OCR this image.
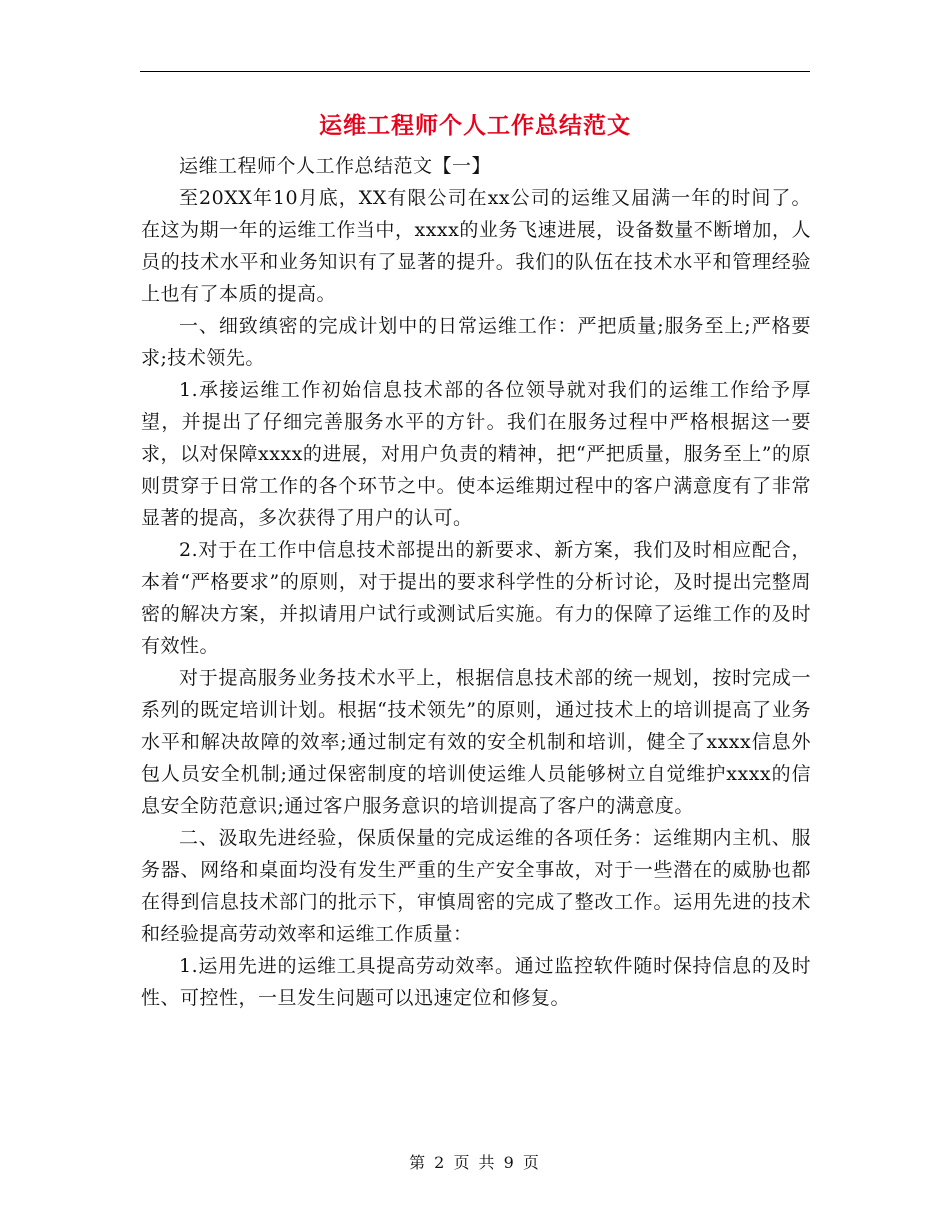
运维工程师个人工作总结范文

运维工程师个人工作总结范文【一】

至20XX年10月底，XX有限公司在xx公司的运维又届满一年的时间了。在这为期一年的运维工作当中，xxxx的业务飞速进展，设备数量不断增加，人员的技术水平和业务知识有了显著的提升。我们的队伍在技术水平和管理经验上也有了本质的提高。

一、细致缜密的完成计划中的日常运维工作：严把质量;服务至上;严格要求;技术领先。

1.承接运维工作初始信息技术部的各位领导就对我们的运维工作给予厚望，并提出了仔细完善服务水平的方针。我们在服务过程中严格根据这一要求，以对保障xxxx的进展，对用户负责的精神，把“严把质量，服务至上”的原则贯穿于日常工作的各个环节之中。使本运维期过程中的客户满意度有了非常显著的提高，多次获得了用户的认可。

2.对于在工作中信息技术部提出的新要求、新方案，我们及时相应配合，本着“严格要求”的原则，对于提出的要求科学性的分析讨论，及时提出完整周密的解决方案，并拟请用户试行或测试后实施。有力的保障了运维工作的及时有效性。

对于提高服务业务技术水平上，根据信息技术部的统一规划，按时完成一系列的既定培训计划。根据“技术领先”的原则，通过技术上的培训提高了业务水平和解决故障的效率;通过制定有效的安全机制和培训，健全了xxxx信息外包人员安全机制;通过保密制度的培训使运维人员能够树立自觉维护xxxx的信息安全防范意识;通过客户服务意识的培训提高了客户的满意度。

二、汲取先进经验，保质保量的完成运维的各项任务：运维期内主机、服务器、网络和桌面均没有发生严重的生产安全事故，对于一些潜在的威胁也都在得到信息技术部门的批示下，审慎周密的完成了整改工作。运用先进的技术和经验提高劳动效率和运维工作质量：

1.运用先进的运维工具提高劳动效率。通过监控软件随时保持信息的及时性、可控性，一旦发生问题可以迅速定位和修复。

第 2 页 共 9 页
